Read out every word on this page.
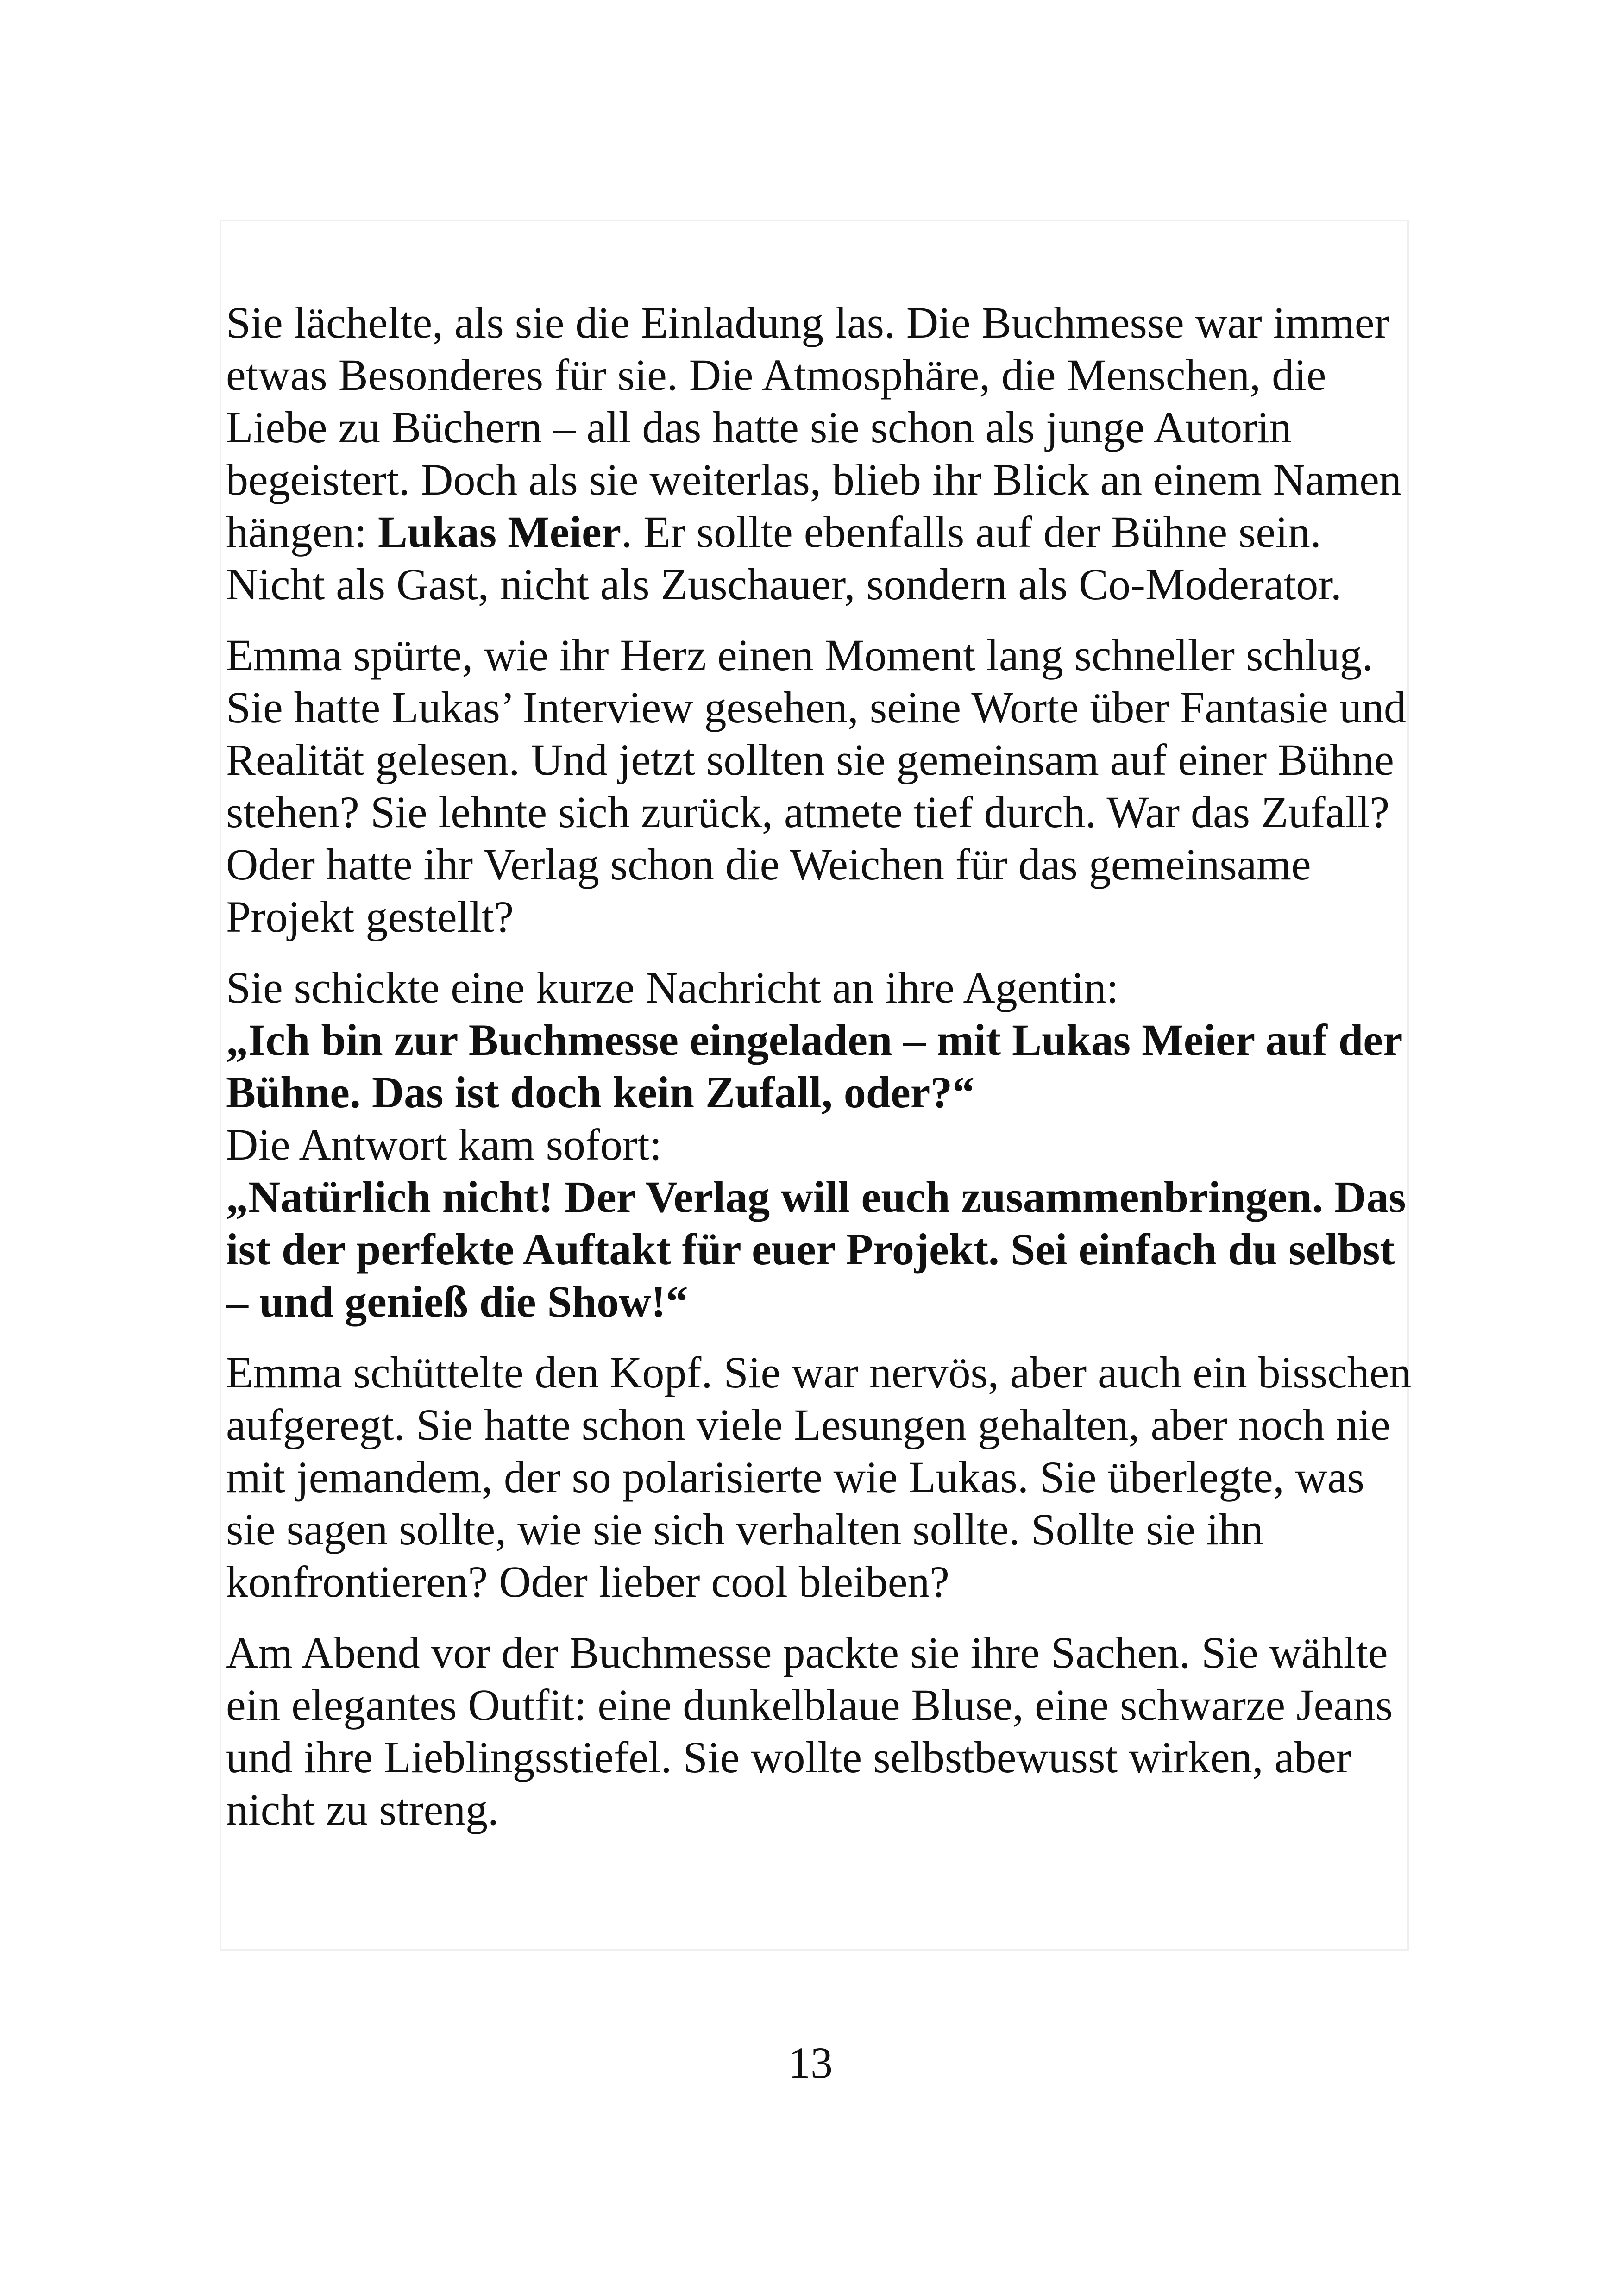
Sie lächelte, als sie die Einladung las. Die Buchmesse war immer etwas Besonderes für sie. Die Atmosphäre, die Menschen, die Liebe zu Büchern – all das hatte sie schon als junge Autorin begeistert. Doch als sie weiterlas, blieb ihr Blick an einem Namen hängen: Lukas Meier. Er sollte ebenfalls auf der Bühne sein. Nicht als Gast, nicht als Zuschauer, sondern als Co-Moderator.

Emma spürte, wie ihr Herz einen Moment lang schneller schlug. Sie hatte Lukas’ Interview gesehen, seine Worte über Fantasie und Realität gelesen. Und jetzt sollten sie gemeinsam auf einer Bühne stehen? Sie lehnte sich zurück, atmete tief durch. War das Zufall? Oder hatte ihr Verlag schon die Weichen für das gemeinsame Projekt gestellt?

Sie schickte eine kurze Nachricht an ihre Agentin:

„Ich bin zur Buchmesse eingeladen – mit Lukas Meier auf der Bühne. Das ist doch kein Zufall, oder?“

Die Antwort kam sofort:

„Natürlich nicht! Der Verlag will euch zusammenbringen. Das ist der perfekte Auftakt für euer Projekt. Sei einfach du selbst – und genieß die Show!“

Emma schüttelte den Kopf. Sie war nervös, aber auch ein bisschen aufgeregt. Sie hatte schon viele Lesungen gehalten, aber noch nie mit jemandem, der so polarisierte wie Lukas. Sie überlegte, was sie sagen sollte, wie sie sich verhalten sollte. Sollte sie ihn konfrontieren? Oder lieber cool bleiben?

Am Abend vor der Buchmesse packte sie ihre Sachen. Sie wählte ein elegantes Outfit: eine dunkelblaue Bluse, eine schwarze Jeans und ihre Lieblingsstiefel. Sie wollte selbstbewusst wirken, aber nicht zu streng.

13
